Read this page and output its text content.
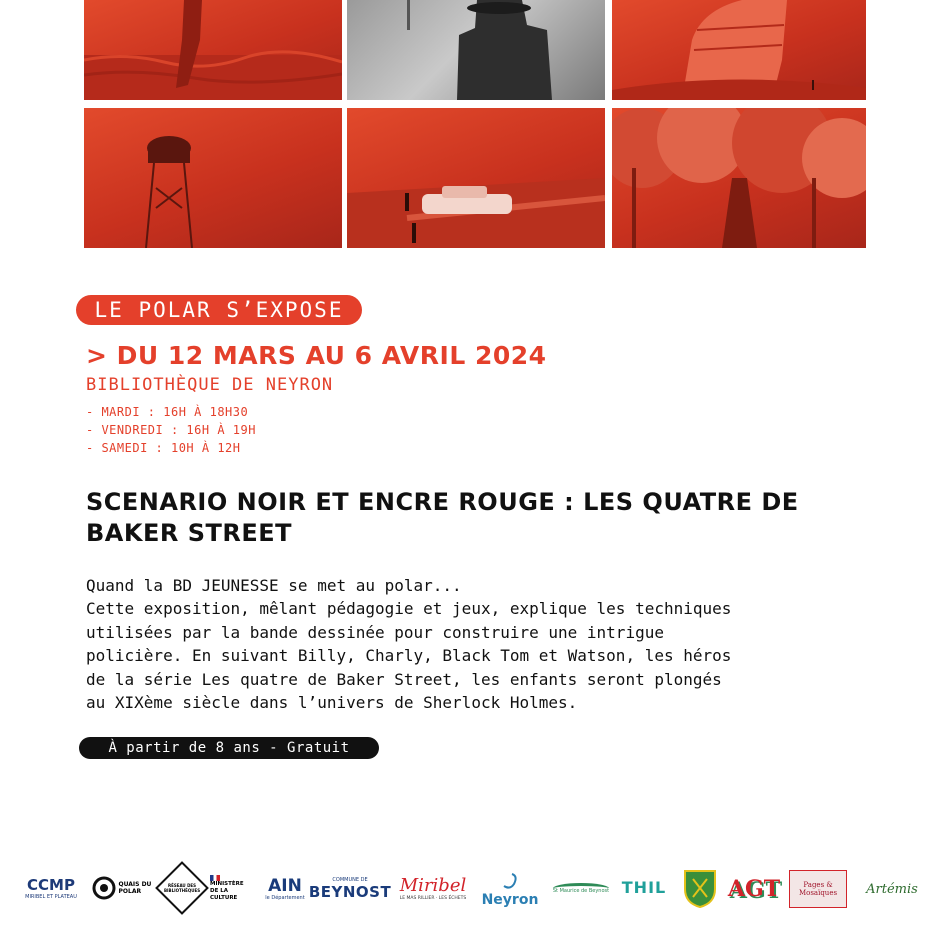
LE POLAR S’EXPOSE
> DU 12 MARS AU 6 AVRIL 2024
BIBLIOTHÈQUE DE NEYRON
- MARDI : 16H À 18H30
- VENDREDI : 16H À 19H
- SAMEDI : 10H À 12H
SCENARIO NOIR ET ENCRE ROUGE : LES QUATRE DE BAKER STREET

Quand la BD JEUNESSE se met au polar...

Cette exposition, mêlant pédagogie et jeux, explique les techniques
utilisées par la bande dessinée pour construire une intrigue
policière. En suivant Billy, Charly, Black Tom et Watson, les héros
de la série Les quatre de Baker Street, les enfants seront plongés
au XIXème siècle dans l’univers de Sherlock Holmes.

À partir de 8 ans - Gratuit
CCMP
MIRIBEL ET PLATEAU
QUAIS DU POLAR
RÉSEAU DES BIBLIOTHÈQUES
MINISTÈRE DE LA CULTURE
AIN
le Département
COMMUNE DE
BEYNOST Miribel
LE MAS RILLIER · LES ÉCHETS Neyron
St Maurice de Beynost THIL	AGT	Pages & Mosaïques	Artémis
